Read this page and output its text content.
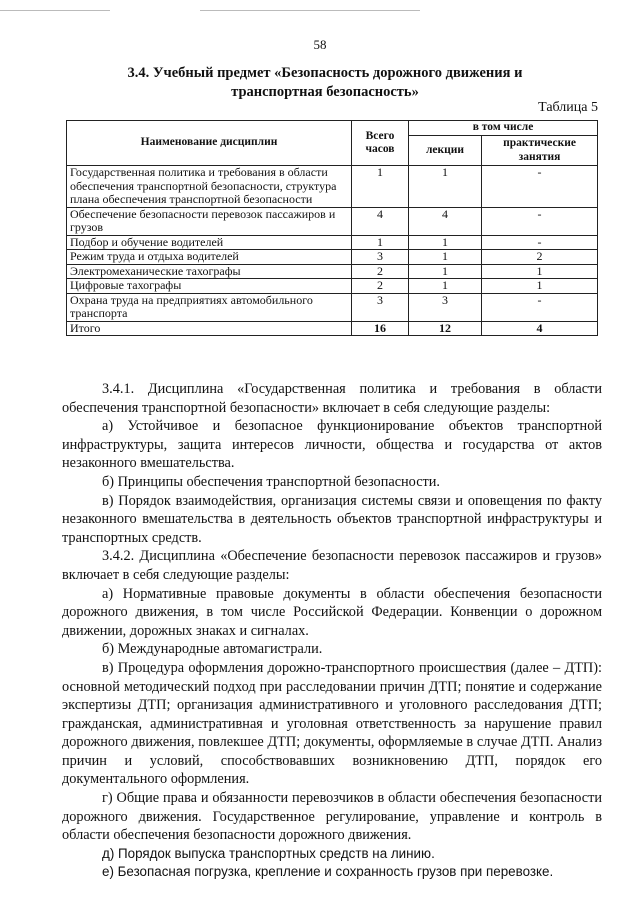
58
3.4. Учебный предмет «Безопасность дорожного движения и транспортная безопасность»
Таблица 5
Наименование дисциплин	Всего часов	в том числе	
		лекции	практические занятия
Государственная политика и требования в области обеспечения транспортной безопасности, структура плана обеспечения транспортной безопасности	1	1	-
Обеспечение безопасности перевозок пассажиров и грузов	4	4	-
Подбор и обучение водителей	1	1	-
Режим труда и отдыха водителей	3	1	2
Электромеханические тахографы	2	1	1
Цифровые тахографы	2	1	1
Охрана труда на предприятиях автомобильного транспорта	3	3	-
Итого	16	12	4

3.4.1. Дисциплина «Государственная политика и требования в области обеспечения транспортной безопасности» включает в себя следующие разделы:

а) Устойчивое и безопасное функционирование объектов транспортной инфраструктуры, защита интересов личности, общества и государства от актов незаконного вмешательства.

б) Принципы обеспечения транспортной безопасности.

в) Порядок взаимодействия, организация системы связи и оповещения по факту незаконного вмешательства в деятельность объектов транспортной инфраструктуры и транспортных средств.

3.4.2. Дисциплина «Обеспечение безопасности перевозок пассажиров и грузов» включает в себя следующие разделы:

а) Нормативные правовые документы в области обеспечения безопасности дорожного движения, в том числе Российской Федерации. Конвенции о дорожном движении, дорожных знаках и сигналах.

б) Международные автомагистрали.

в) Процедура оформления дорожно-транспортного происшествия (далее – ДТП): основной методический подход при расследовании причин ДТП; понятие и содержание экспертизы ДТП; организация административного и уголовного расследования ДТП; гражданская, административная и уголовная ответственность за нарушение правил дорожного движения, повлекшее ДТП; документы, оформляемые в случае ДТП. Анализ причин и условий, способствовавших возникновению ДТП, порядок его документального оформления.

г) Общие права и обязанности перевозчиков в области обеспечения безопасности дорожного движения. Государственное регулирование, управление и контроль в области обеспечения безопасности дорожного движения.

д) Порядок выпуска транспортных средств на линию.

е) Безопасная погрузка, крепление и сохранность грузов при перевозке.
